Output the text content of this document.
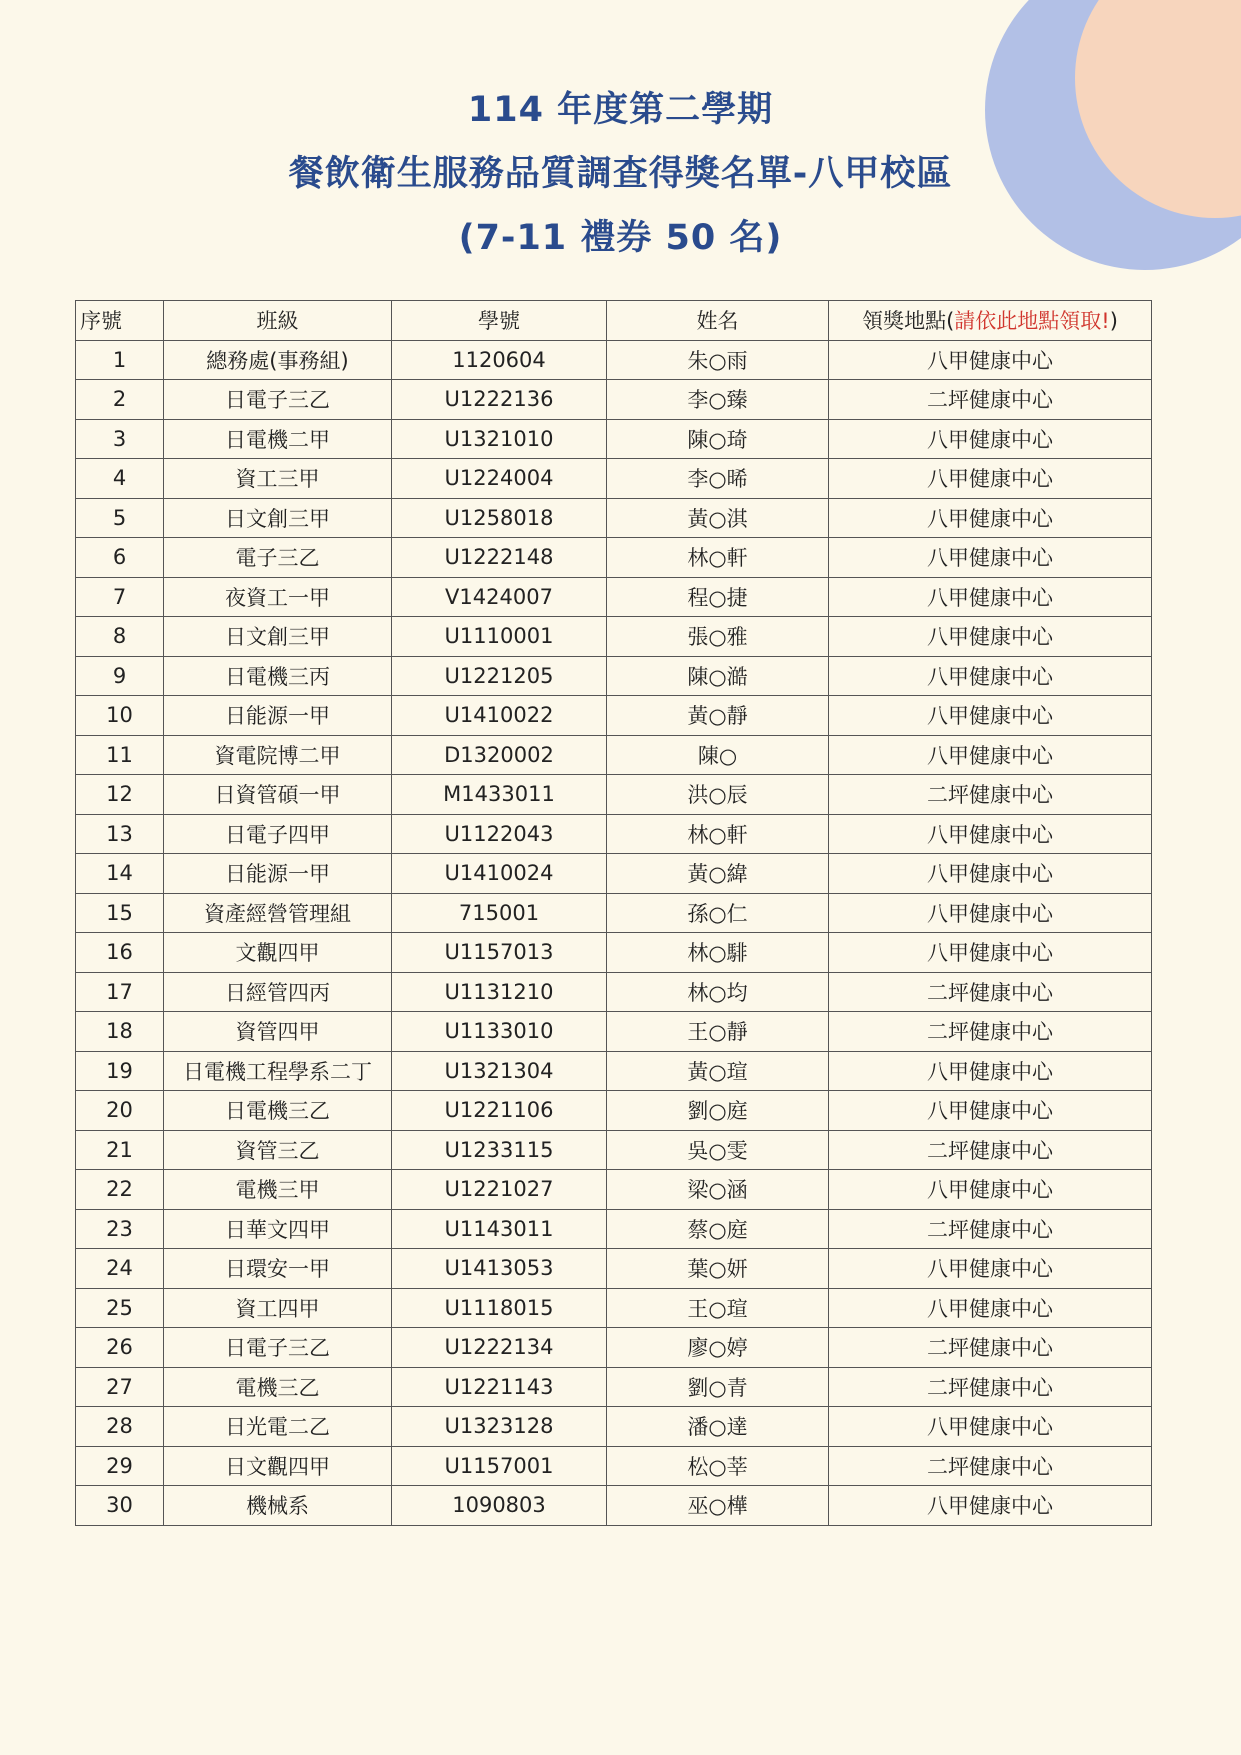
114 年度第二學期
餐飲衛生服務品質調查得獎名單-八甲校區
(7-11 禮券 50 名)
序號	班級	學號	姓名	領獎地點(請依此地點領取!)
1	總務處(事務組)	1120604	朱○雨	八甲健康中心
2	日電子三乙	U1222136	李○臻	二坪健康中心
3	日電機二甲	U1321010	陳○琦	八甲健康中心
4	資工三甲	U1224004	李○晞	八甲健康中心
5	日文創三甲	U1258018	黃○淇	八甲健康中心
6	電子三乙	U1222148	林○軒	八甲健康中心
7	夜資工一甲	V1424007	程○捷	八甲健康中心
8	日文創三甲	U1110001	張○雅	八甲健康中心
9	日電機三丙	U1221205	陳○澔	八甲健康中心
10	日能源一甲	U1410022	黃○靜	八甲健康中心
11	資電院博二甲	D1320002	陳○	八甲健康中心
12	日資管碩一甲	M1433011	洪○辰	二坪健康中心
13	日電子四甲	U1122043	林○軒	八甲健康中心
14	日能源一甲	U1410024	黃○緯	八甲健康中心
15	資產經營管理組	715001	孫○仁	八甲健康中心
16	文觀四甲	U1157013	林○騑	八甲健康中心
17	日經管四丙	U1131210	林○均	二坪健康中心
18	資管四甲	U1133010	王○靜	二坪健康中心
19	日電機工程學系二丁	U1321304	黃○瑄	八甲健康中心
20	日電機三乙	U1221106	劉○庭	八甲健康中心
21	資管三乙	U1233115	吳○雯	二坪健康中心
22	電機三甲	U1221027	梁○涵	八甲健康中心
23	日華文四甲	U1143011	蔡○庭	二坪健康中心
24	日環安一甲	U1413053	葉○妍	八甲健康中心
25	資工四甲	U1118015	王○瑄	八甲健康中心
26	日電子三乙	U1222134	廖○婷	二坪健康中心
27	電機三乙	U1221143	劉○青	二坪健康中心
28	日光電二乙	U1323128	潘○達	八甲健康中心
29	日文觀四甲	U1157001	松○莘	二坪健康中心
30	機械系	1090803	巫○樺	八甲健康中心
